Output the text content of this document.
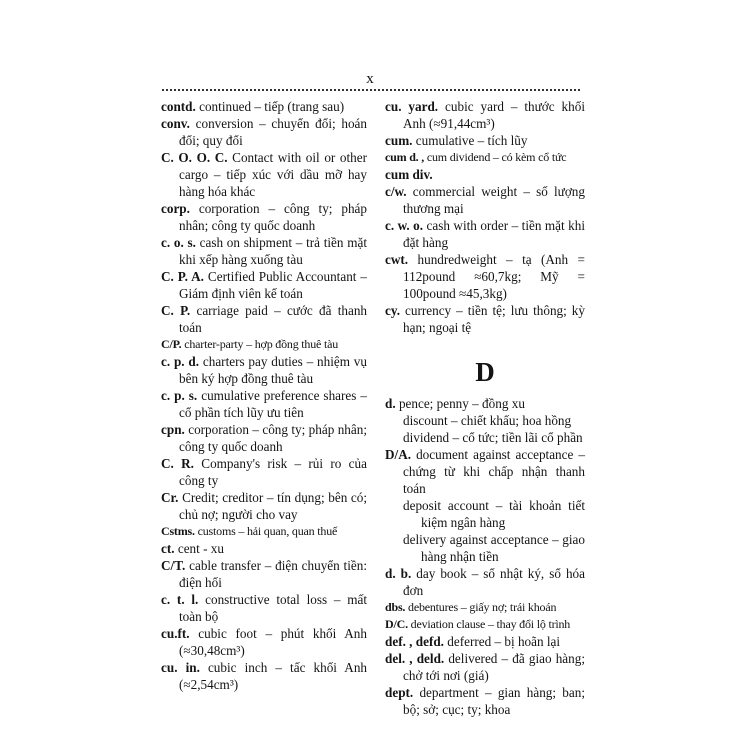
x

contd. continued – tiếp (trang sau)

conv. conversion – chuyển đổi; hoán đổi; quy đổi

C. O. O. C. Contact with oil or other cargo – tiếp xúc với dầu mỡ hay hàng hóa khác

corp. corporation – công ty; pháp nhân; công ty quốc doanh

c. o. s. cash on shipment – trả tiền mặt khi xếp hàng xuống tàu

C. P. A. Certified Public Accountant – Giám định viên kế toán

C. P. carriage paid – cước đã thanh toán

C/P. charter-party – hợp đồng thuê tàu

c. p. d. charters pay duties – nhiệm vụ bên ký hợp đồng thuê tàu

c. p. s. cumulative preference shares – cổ phần tích lũy ưu tiên

cpn. corporation – công ty; pháp nhân; công ty quốc doanh

C. R. Company's risk – rủi ro của công ty

Cr. Credit; creditor – tín dụng; bên có; chủ nợ; người cho vay

Cstms. customs – hải quan, quan thuế

ct. cent - xu

C/T. cable transfer – điện chuyển tiền: điện hối

c. t. l. constructive total loss – mất toàn bộ

cu.ft. cubic foot – phút khối Anh (≈30,48cm³)

cu. in. cubic inch – tấc khối Anh (≈2,54cm³)

cu. yard. cubic yard – thước khối Anh (≈91,44cm³)

cum. cumulative – tích lũy

cum d. , cum dividend – có kèm cổ tức

cum div.

c/w. commercial weight – số lượng thương mại

c. w. o. cash with order – tiền mặt khi đặt hàng

cwt. hundredweight – tạ (Anh = 112pound ≈60,7kg; Mỹ = 100pound ≈45,3kg)

cy. currency – tiền tệ; lưu thông; kỳ hạn; ngoại tệ

D

d. pence; penny – đồng xu

discount – chiết khấu; hoa hồng

dividend – cổ tức; tiền lãi cổ phần

D/A. document against acceptance – chứng từ khi chấp nhận thanh toán

deposit account – tài khoản tiết kiệm ngân hàng

delivery against acceptance – giao hàng nhận tiền

d. b. day book – sổ nhật ký, sổ hóa đơn

dbs. debentures – giấy nợ; trái khoán

D/C. deviation clause – thay đổi lộ trình

def. , defd. deferred – bị hoãn lại

del. , deld. delivered – đã giao hàng; chở tới nơi (giá)

dept. department – gian hàng; ban; bộ; sở; cục; ty; khoa
